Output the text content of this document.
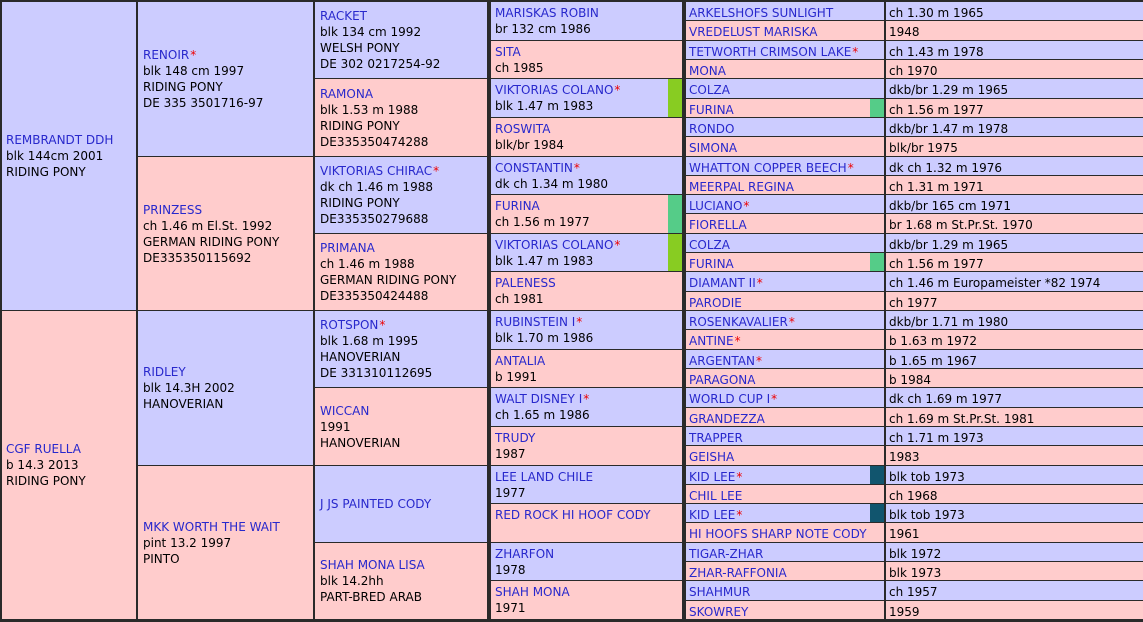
REMBRANDT DDH
blk 144cm 2001
RIDING PONY
CGF RUELLA
b 14.3 2013
RIDING PONY
RENOIR*
blk 148 cm 1997
RIDING PONY
DE 335 3501716-97
PRINZESS
ch 1.46 m El.St. 1992
GERMAN RIDING PONY
DE335350115692
RIDLEY
blk 14.3H 2002
HANOVERIAN
MKK WORTH THE WAIT
pint 13.2 1997
PINTO
RACKET
blk 134 cm 1992
WELSH PONY
DE 302 0217254-92
RAMONA
blk 1.53 m 1988
RIDING PONY
DE335350474288
VIKTORIAS CHIRAC*
dk ch 1.46 m 1988
RIDING PONY
DE335350279688
PRIMANA
ch 1.46 m 1988
GERMAN RIDING PONY
DE335350424488
ROTSPON*
blk 1.68 m 1995
HANOVERIAN
DE 331310112695
WICCAN
1991
HANOVERIAN
J JS PAINTED CODY
SHAH MONA LISA
blk 14.2hh
PART-BRED ARAB
MARISKAS ROBIN
br 132 cm 1986
SITA
ch 1985
VIKTORIAS COLANO*
blk 1.47 m 1983
ROSWITA
blk/br 1984
CONSTANTIN*
dk ch 1.34 m 1980
FURINA
ch 1.56 m 1977
VIKTORIAS COLANO*
blk 1.47 m 1983
PALENESS
ch 1981
RUBINSTEIN I*
blk 1.70 m 1986
ANTALIA
b 1991
WALT DISNEY I*
ch 1.65 m 1986
TRUDY
1987
LEE LAND CHILE
1977
RED ROCK HI HOOF CODY
ZHARFON
1978
SHAH MONA
1971
ARKELSHOFS SUNLIGHT	ch 1.30 m 1965
VREDELUST MARISKA	1948
TETWORTH CRIMSON LAKE*	ch 1.43 m 1978
MONA	ch 1970
COLZA	dkb/br 1.29 m 1965
FURINA	ch 1.56 m 1977
RONDO	dkb/br 1.47 m 1978
SIMONA	blk/br 1975
WHATTON COPPER BEECH*	dk ch 1.32 m 1976
MEERPAL REGINA	ch 1.31 m 1971
LUCIANO*	dkb/br 165 cm 1971
FIORELLA	br 1.68 m St.Pr.St. 1970
COLZA	dkb/br 1.29 m 1965
FURINA	ch 1.56 m 1977
DIAMANT II*	ch 1.46 m Europameister *82 1974
PARODIE	ch 1977
ROSENKAVALIER*	dkb/br 1.71 m 1980
ANTINE*	b 1.63 m 1972
ARGENTAN*	b 1.65 m 1967
PARAGONA	b 1984
WORLD CUP I*	dk ch 1.69 m 1977
GRANDEZZA	ch 1.69 m St.Pr.St. 1981
TRAPPER	ch 1.71 m 1973
GEISHA	1983
KID LEE*	blk tob 1973
CHIL LEE	ch 1968
KID LEE*	blk tob 1973
HI HOOFS SHARP NOTE CODY	1961
TIGAR-ZHAR	blk 1972
ZHAR-RAFFONIA	blk 1973
SHAHMUR	ch 1957
SKOWREY	1959
